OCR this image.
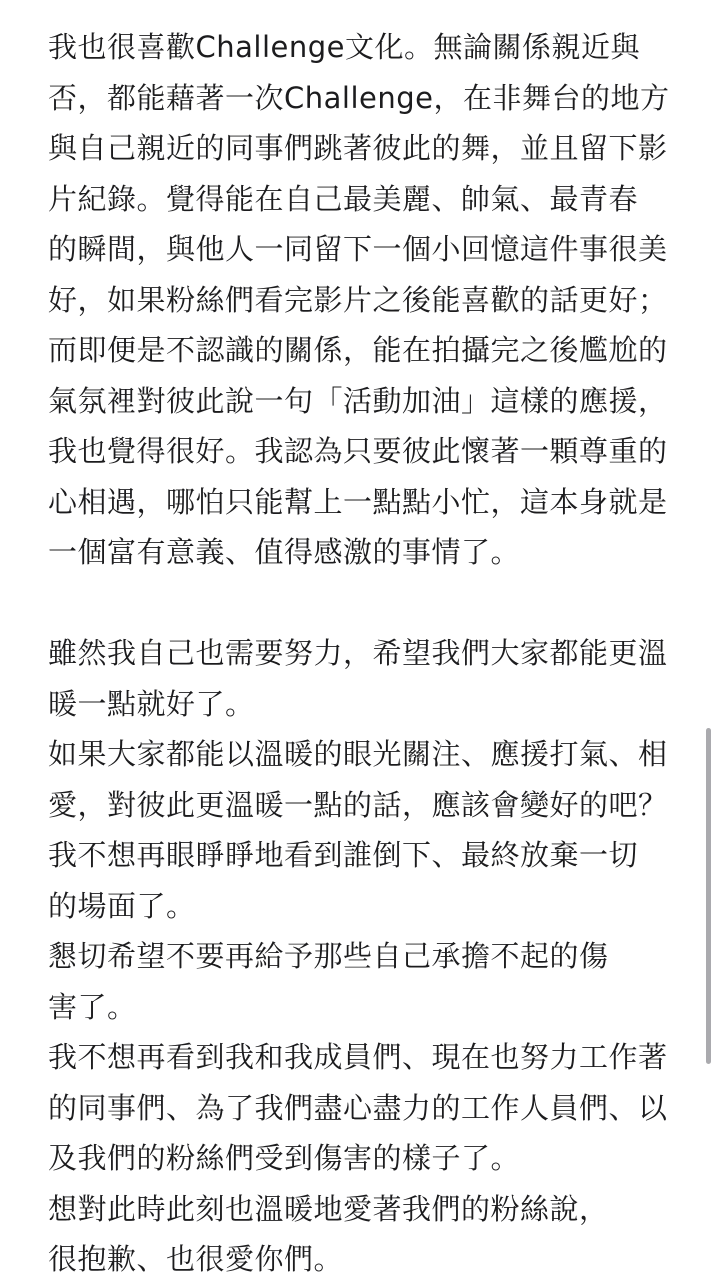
我也很喜歡Challenge文化。無論關係親近與
否，都能藉著一次Challenge，在非舞台的地方
與自己親近的同事們跳著彼此的舞，並且留下影
片紀錄。覺得能在自己最美麗、帥氣、最青春
的瞬間，與他人一同留下一個小回憶這件事很美
好，如果粉絲們看完影片之後能喜歡的話更好；
而即便是不認識的關係，能在拍攝完之後尷尬的
氣氛裡對彼此說一句「活動加油」這樣的應援，
我也覺得很好。我認為只要彼此懷著一顆尊重的
心相遇，哪怕只能幫上一點點小忙，這本身就是
一個富有意義、值得感激的事情了。
雖然我自己也需要努力，希望我們大家都能更溫
暖一點就好了。
如果大家都能以溫暖的眼光關注、應援打氣、相
愛，對彼此更溫暖一點的話，應該會變好的吧？
我不想再眼睜睜地看到誰倒下、最終放棄一切
的場面了。
懇切希望不要再給予那些自己承擔不起的傷
害了。
我不想再看到我和我成員們、現在也努力工作著
的同事們、為了我們盡心盡力的工作人員們、以
及我們的粉絲們受到傷害的樣子了。
想對此時此刻也溫暖地愛著我們的粉絲說，
很抱歉、也很愛你們。
